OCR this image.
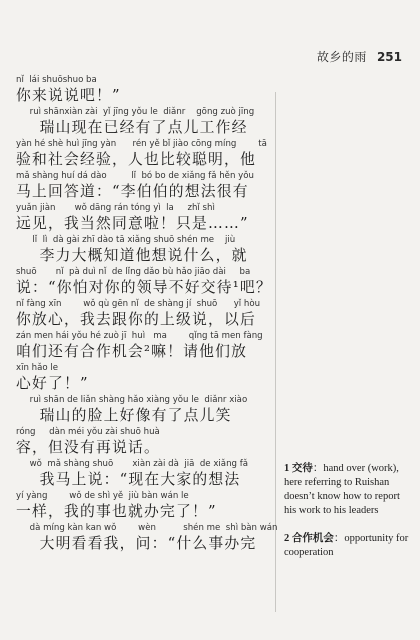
故乡的雨 251
nǐ  lái shuōshuo ba
你来说说吧！”
ruì shānxiàn zài  yǐ jīng yǒu le  diǎnr    gōng zuò jīng
瑞山现在已经有了点儿工作经
yàn hé shè huì jīng yàn      rén yě bǐ jiào cōng míng        tā
验和社会经验，人也比较聪明，他
mǎ shàng huí dá dào         lǐ  bó bo de xiǎng fǎ hěn yǒu
马上回答道：“李伯伯的想法很有
yuǎn jiàn       wǒ dāng rán tóng yì  la     zhǐ shì
远见，我当然同意啦！只是……”
lǐ  lì  dà gài zhī dào tā xiǎng shuō shén me    jiù
李力大概知道他想说什么，就
shuō       nǐ  pà duì nǐ  de lǐng dǎo bù hǎo jiāo dài     ba
说：“你怕对你的领导不好交待¹吧？
nǐ fàng xīn        wǒ qù gēn nǐ  de shàng jí  shuō      yǐ hòu
你放心，我去跟你的上级说，以后
zán men hái yǒu hé zuò jī  huì   ma        qǐng tā men fàng
咱们还有合作机会²嘛！请他们放
xīn hǎo le
心好了！”
ruì shān de liǎn shàng hǎo xiàng yǒu le  diǎnr xiào
瑞山的脸上好像有了点儿笑
róng     dàn méi yǒu zài shuō huà
容，但没有再说话。
wǒ  mǎ shàng shuō       xiàn zài dà  jiā  de xiǎng fǎ
我马上说：“现在大家的想法
yí yàng        wǒ de shì yě  jiù bàn wán le
一样，我的事也就办完了！”
dà míng kàn kan wǒ        wèn          shén me  shì bàn wán
大明看看我，问：“什么事办完
1 交待：hand over (work), here referring to Ruishan doesn’t know how to report his work to his leaders
2 合作机会：opportunity for cooperation
